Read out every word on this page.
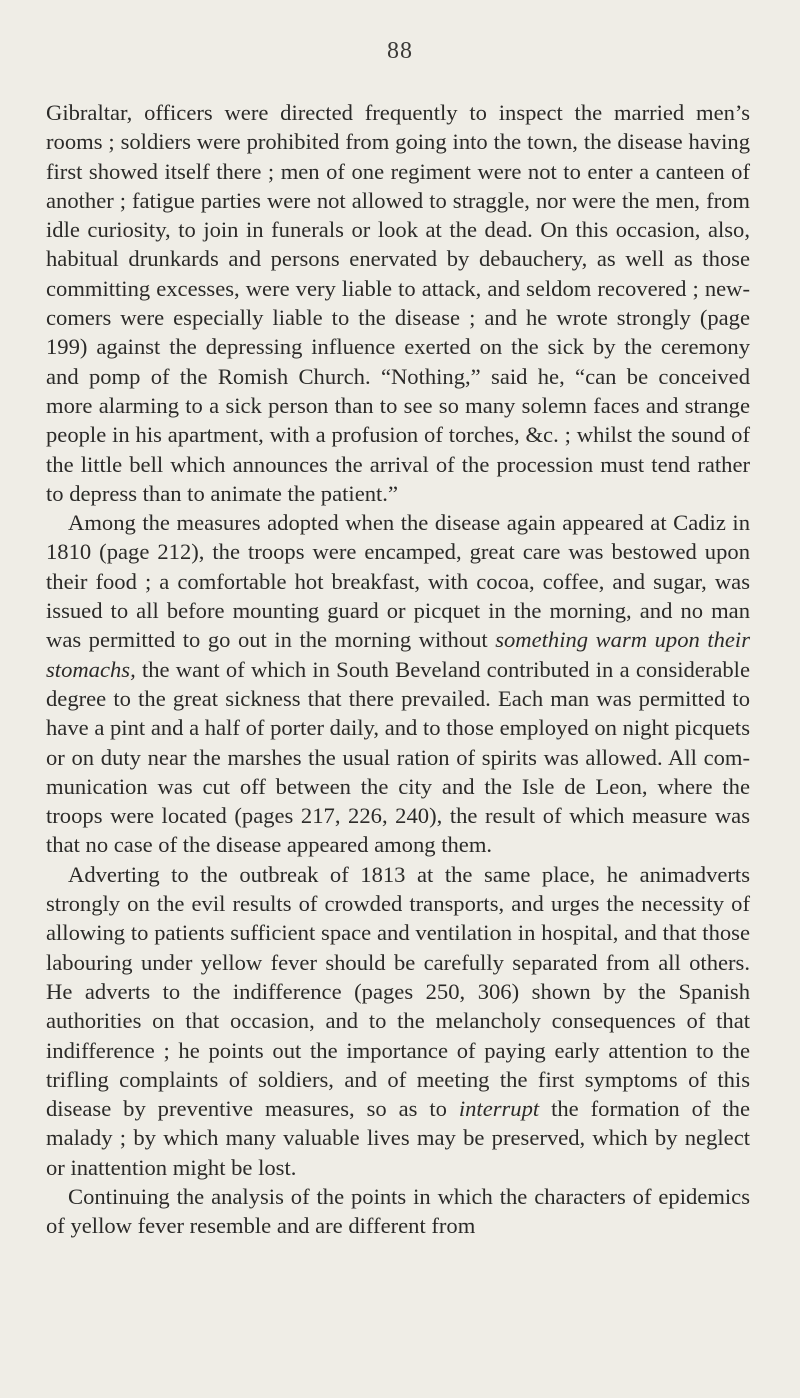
88

Gibraltar, officers were directed frequently to inspect the married men’s rooms ; soldiers were prohibited from going into the town, the disease having first showed itself there ; men of one regiment were not to enter a canteen of another ; fatigue parties were not allowed to straggle, nor were the men, from idle curiosity, to join in funerals or look at the dead. On this occasion, also, habitual drunkards and persons enervated by debauchery, as well as those committing excesses, were very liable to attack, and seldom recovered ; new-comers were especially liable to the disease ; and he wrote strongly (page 199) against the depressing influence exerted on the sick by the ceremony and pomp of the Romish Church. “Nothing,” said he, “can be conceived more alarming to a sick person than to see so many solemn faces and strange people in his apartment, with a profusion of torches, &c. ; whilst the sound of the little bell which announces the arrival of the procession must tend rather to depress than to animate the patient.”

Among the measures adopted when the disease again appeared at Cadiz in 1810 (page 212), the troops were encamped, great care was bestowed upon their food ; a comfortable hot breakfast, with cocoa, coffee, and sugar, was issued to all before mounting guard or picquet in the morning, and no man was permitted to go out in the morning without something warm upon their stomachs, the want of which in South Beveland contributed in a considerable degree to the great sickness that there prevailed. Each man was permitted to have a pint and a half of porter daily, and to those employed on night picquets or on duty near the marshes the usual ration of spirits was allowed. All communication was cut off between the city and the Isle de Leon, where the troops were located (pages 217, 226, 240), the result of which measure was that no case of the disease appeared among them.

Adverting to the outbreak of 1813 at the same place, he animadverts strongly on the evil results of crowded transports, and urges the necessity of allowing to patients sufficient space and ventilation in hospital, and that those labouring under yellow fever should be carefully separated from all others. He adverts to the indifference (pages 250, 306) shown by the Spanish authorities on that occasion, and to the melancholy consequences of that indifference ; he points out the importance of paying early attention to the trifling complaints of soldiers, and of meeting the first symptoms of this disease by preventive measures, so as to interrupt the formation of the malady ; by which many valuable lives may be preserved, which by neglect or inattention might be lost.

Continuing the analysis of the points in which the characters of epidemics of yellow fever resemble and are different from
